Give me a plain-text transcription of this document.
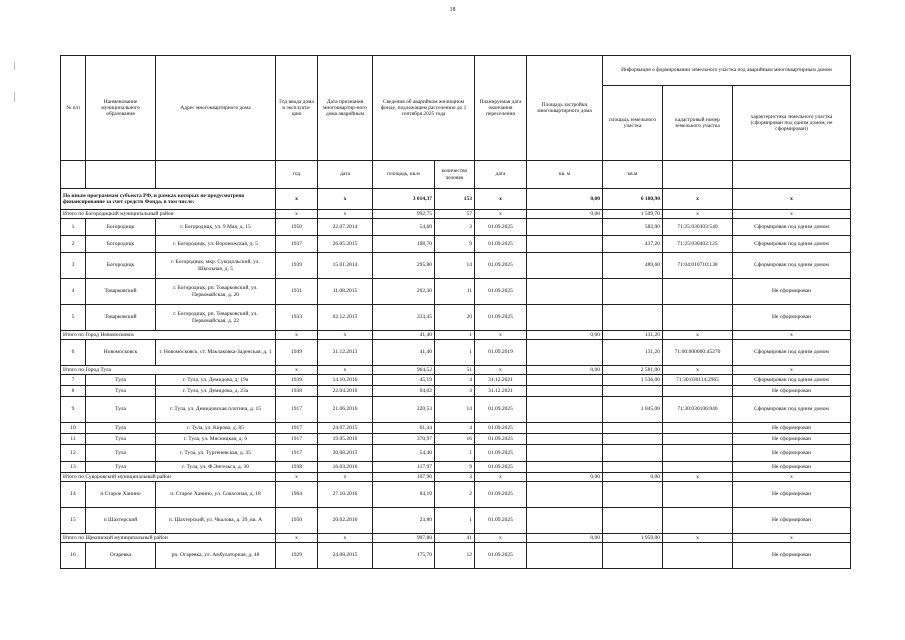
18
№ п/п	Наименование муниципального образования	Адрес многоквартирного дома	Год ввода дома в эксплуата-цию	Дата признания многоквартир-ного дома аварийным	Сведения об аварийном жилищном фонде, подлежащем расселению до 1 сентября 2025 года		Планируемая дата окончания переселения	Площадь застройки многоквартирного дома	Информация о формировании земельного участка под аварийным многоквартирным домом		
									площадь земельного участка	кадастровый номер земельного участка	характеристика земельного участка (сформирован под одним домом, не сформирован)
			год	дата	площадь, кв.м	количество человек	дата	кв. м	кв.м		
По иным программам субъекта РФ, в рамках которых не предусмотрено финансирование за счет средств Фонда, в том числе:			x	x	3 014,37	153	x	0,00	6 180,90	x	x
Итого по Богородицкий муниципальный район			x	x	992,75	57	x	0,00	1 509,70	x	x
1	Богородицк	г. Богородицк, ул. 9 Мая, д. 15	1950	22.07.2014	54,60	3	01.09.2025		582,90	71:25:030303:540	Сформирован под одним домом
2	Богородицк	г. Богородицк, ул. Вороножская, д. 5	1937	26.05.2015	108,70	9	01.09.2025		437,20	71:25:030402:125	Сформирован под одним домом
3	Богородицк	г. Богородицк, мкр. Сукодольский, ул. Школьная, д. 5	1939	15.01.2014	295,80	14	01.09.2025		489,60	71:04:010710:138	Сформирован под одним домом
4	Товарковский	г. Богородицк, рп. Товарковский, ул. Первомайская, д. 20	1931	11.08.2015	202,30	11	01.09.2025				Не сформирован
5	Товарковский	г. Богородицк, рп. Товарковский, ул. Первомайская, д. 22	1933	02.12.2015	333,45	20	01.09.2025				Не сформирован
Итого по Город Новомосковск			x	x	41,40	1	x	0,00	131,20	x	x
6	Новомосковск	г. Новомосковск, ст. Маклаковка-Заденская, д. 1	1949	31.12.2013	41,40	1	01.09.2019		131,20	71:00:000000:45270	Сформирован под одним домом
Итого по Город Тула			x	x	964,52	51	x	0,00	2 581,00	x	x
7	Тула	г. Тула, ул. Демидова, д. 19а	1939	14.10.2016	45,19	4	31.12.2021		1 536,00	71:30:030114:2965	Сформирован под одним домом
8	Тула	г. Тула, ул. Демидова, д. 23а	1938	22.04.2016	94,02	3	31.12.2021				Не сформирован
9	Тула	г. Тула, ул. Демидовская плотина, д. 15	1917	21.06.2016	220,53	14	01.09.2025		1 045,00	71:30:030106:846	Сформирован под одним домом
10	Тула	г. Тула, ул. Кирова, д. 85	1917	24.07.2015	61,44	4	01.09.2025				Не сформирован
11	Тула	г. Тула, ул. Мясницкая, д. 6	1917	19.05.2016	370,97	16	01.09.2025				Не сформирован
12	Тула	г. Тула, ул. Тургеневская, д. 35	1917	20.08.2015	54,40	1	01.09.2025				Не сформирован
13	Тула	г. Тула, ул. Ф.Энгельса, д. 30	1938	16.03.2016	117,97	9	01.09.2025				Не сформирован
Итого по Суворовский муниципальный район			x	x	107,90	3	x	0,00	0,00	x	x
14	п Старое Ханино	п. Старое Ханино, ул. Совхозная, д. 18	1964	27.10.2016	84,10	2	01.09.2025				Не сформирован
15	п Шахтерский	п. Шахтерский, ул. Чкалова, д. 39, кв. А	1950	20.02.2016	23,80	1	01.09.2025				Не сформирован
Итого по Щекинский муниципальный район			x	x	907,80	41	x	0,00	1 959,00	x	x
16	Огаревка	рп. Огаревка, ул. Амбулаторная, д. 48	1929	24.08.2015	175,70	12	01.09.2025				Не сформирован
